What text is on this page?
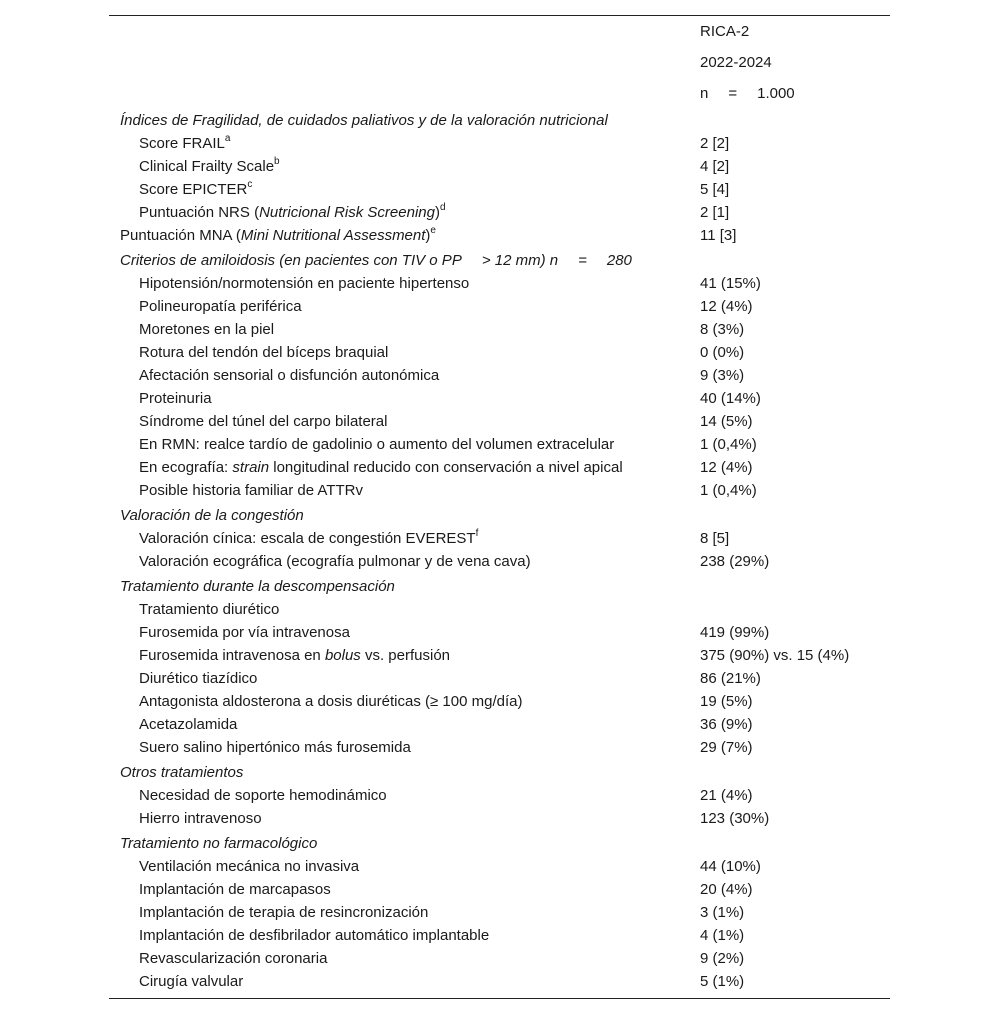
RICA-2
2022-2024
n = 1.000
Índices de Fragilidad, de cuidados paliativos y de la valoración nutricional
Score FRAIL$^a$	2 [2]
Clinical Frailty Scale$^b$	4 [2]
Score EPICTER$^c$	5 [4]
Puntuación NRS (Nutricional Risk Screening)$^d$	2 [1]
Puntuación MNA (Mini Nutritional Assessment)$^e$	11 [3]
Criterios de amiloidosis (en pacientes con TIV o PP > 12 mm) n = 280
Hipotensión/normotensión en paciente hipertenso	41 (15%)
Polineuropatía periférica	12 (4%)
Moretones en la piel	8 (3%)
Rotura del tendón del bíceps braquial	0 (0%)
Afectación sensorial o disfunción autonómica	9 (3%)
Proteinuria	40 (14%)
Síndrome del túnel del carpo bilateral	14 (5%)
En RMN: realce tardío de gadolinio o aumento del volumen extracelular	1 (0,4%)
En ecografía: strain longitudinal reducido con conservación a nivel apical	12 (4%)
Posible historia familiar de ATTRv	1 (0,4%)
Valoración de la congestión
Valoración cínica: escala de congestión EVEREST$^f$	8 [5]
Valoración ecográfica (ecografía pulmonar y de vena cava)	238 (29%)
Tratamiento durante la descompensación
Tratamiento diurético
Furosemida por vía intravenosa	419 (99%)
Furosemida intravenosa en bolus vs. perfusión	375 (90%) vs. 15 (4%)
Diurético tiazídico	86 (21%)
Antagonista aldosterona a dosis diuréticas (≥ 100 mg/día)	19 (5%)
Acetazolamida	36 (9%)
Suero salino hipertónico más furosemida	29 (7%)
Otros tratamientos
Necesidad de soporte hemodinámico	21 (4%)
Hierro intravenoso	123 (30%)
Tratamiento no farmacológico
Ventilación mecánica no invasiva	44 (10%)
Implantación de marcapasos	20 (4%)
Implantación de terapia de resincronización	3 (1%)
Implantación de desfibrilador automático implantable	4 (1%)
Revascularización coronaria	9 (2%)
Cirugía valvular	5 (1%)
